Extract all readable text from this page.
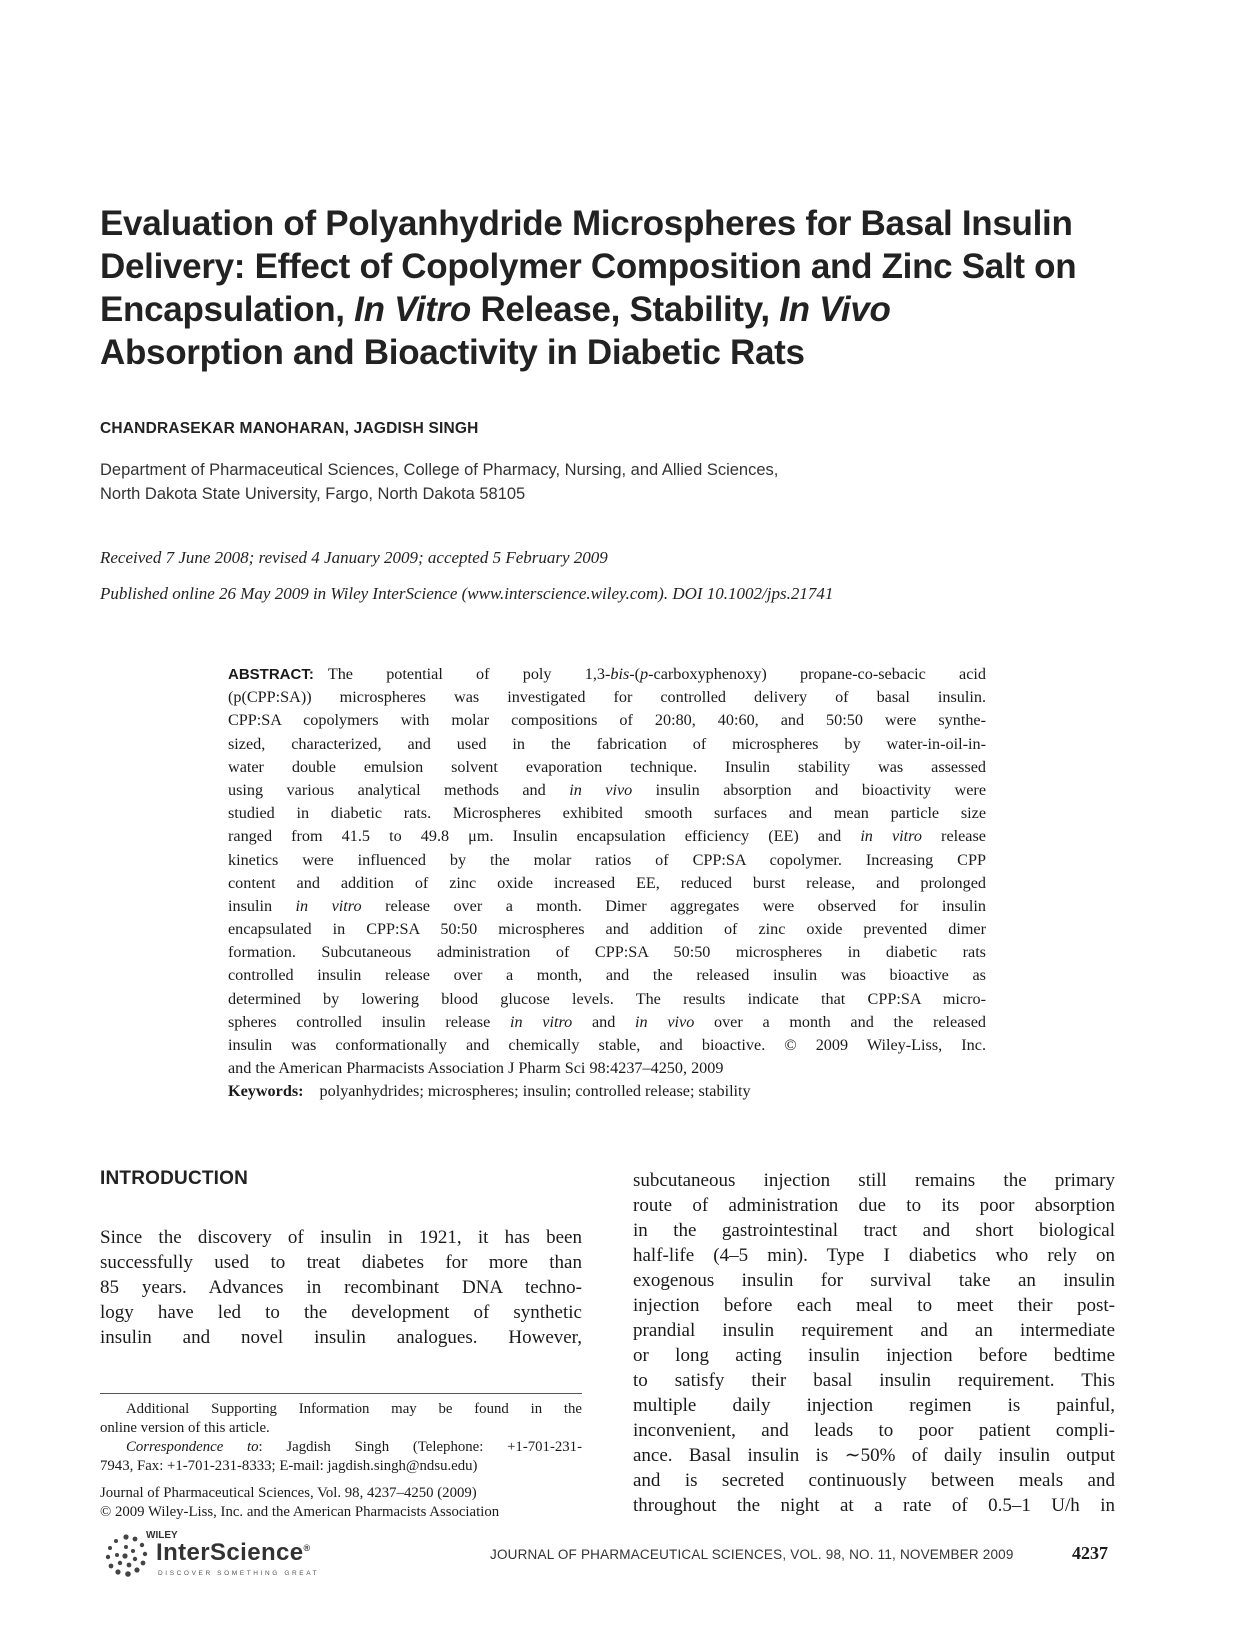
Evaluation of Polyanhydride Microspheres for Basal Insulin
Delivery: Effect of Copolymer Composition and Zinc Salt on
Encapsulation, In Vitro Release, Stability, In Vivo
Absorption and Bioactivity in Diabetic Rats

CHANDRASEKAR MANOHARAN, JAGDISH SINGH

Department of Pharmaceutical Sciences, College of Pharmacy, Nursing, and Allied Sciences,
North Dakota State University, Fargo, North Dakota 58105

Received 7 June 2008; revised 4 January 2009; accepted 5 February 2009

Published online 26 May 2009 in Wiley InterScience (www.interscience.wiley.com). DOI 10.1002/jps.21741

ABSTRACT: The potential of poly 1,3-bis-(p-carboxyphenoxy) propane-co-sebacic acid
(p(CPP:SA)) microspheres was investigated for controlled delivery of basal insulin.
CPP:SA copolymers with molar compositions of 20:80, 40:60, and 50:50 were synthe-
sized, characterized, and used in the fabrication of microspheres by water-in-oil-in-
water double emulsion solvent evaporation technique. Insulin stability was assessed
using various analytical methods and in vivo insulin absorption and bioactivity were
studied in diabetic rats. Microspheres exhibited smooth surfaces and mean particle size
ranged from 41.5 to 49.8 μm. Insulin encapsulation efficiency (EE) and in vitro release
kinetics were influenced by the molar ratios of CPP:SA copolymer. Increasing CPP
content and addition of zinc oxide increased EE, reduced burst release, and prolonged
insulin in vitro release over a month. Dimer aggregates were observed for insulin
encapsulated in CPP:SA 50:50 microspheres and addition of zinc oxide prevented dimer
formation. Subcutaneous administration of CPP:SA 50:50 microspheres in diabetic rats
controlled insulin release over a month, and the released insulin was bioactive as
determined by lowering blood glucose levels. The results indicate that CPP:SA micro-
spheres controlled insulin release in vitro and in vivo over a month and the released
insulin was conformationally and chemically stable, and bioactive. © 2009 Wiley-Liss, Inc.
and the American Pharmacists Association J Pharm Sci 98:4237–4250, 2009
Keywords: polyanhydrides; microspheres; insulin; controlled release; stability
INTRODUCTION
Since the discovery of insulin in 1921, it has been
successfully used to treat diabetes for more than
85 years. Advances in recombinant DNA techno-
logy have led to the development of synthetic
insulin and novel insulin analogues. However,
subcutaneous injection still remains the primary
route of administration due to its poor absorption
in the gastrointestinal tract and short biological
half-life (4–5 min). Type I diabetics who rely on
exogenous insulin for survival take an insulin
injection before each meal to meet their post-
prandial insulin requirement and an intermediate
or long acting insulin injection before bedtime
to satisfy their basal insulin requirement. This
multiple daily injection regimen is painful,
inconvenient, and leads to poor patient compli-
ance. Basal insulin is ∼50% of daily insulin output
and is secreted continuously between meals and
throughout the night at a rate of 0.5–1 U/h in
Additional Supporting Information may be found in the
online version of this article.
Correspondence to: Jagdish Singh (Telephone: +1-701-231-
7943, Fax: +1-701-231-8333; E-mail: jagdish.singh@ndsu.edu)
Journal of Pharmaceutical Sciences, Vol. 98, 4237–4250 (2009)
© 2009 Wiley-Liss, Inc. and the American Pharmacists Association

WILEY

InterScience®

DISCOVER SOMETHING GREAT

JOURNAL OF PHARMACEUTICAL SCIENCES, VOL. 98, NO. 11, NOVEMBER 2009	4237
